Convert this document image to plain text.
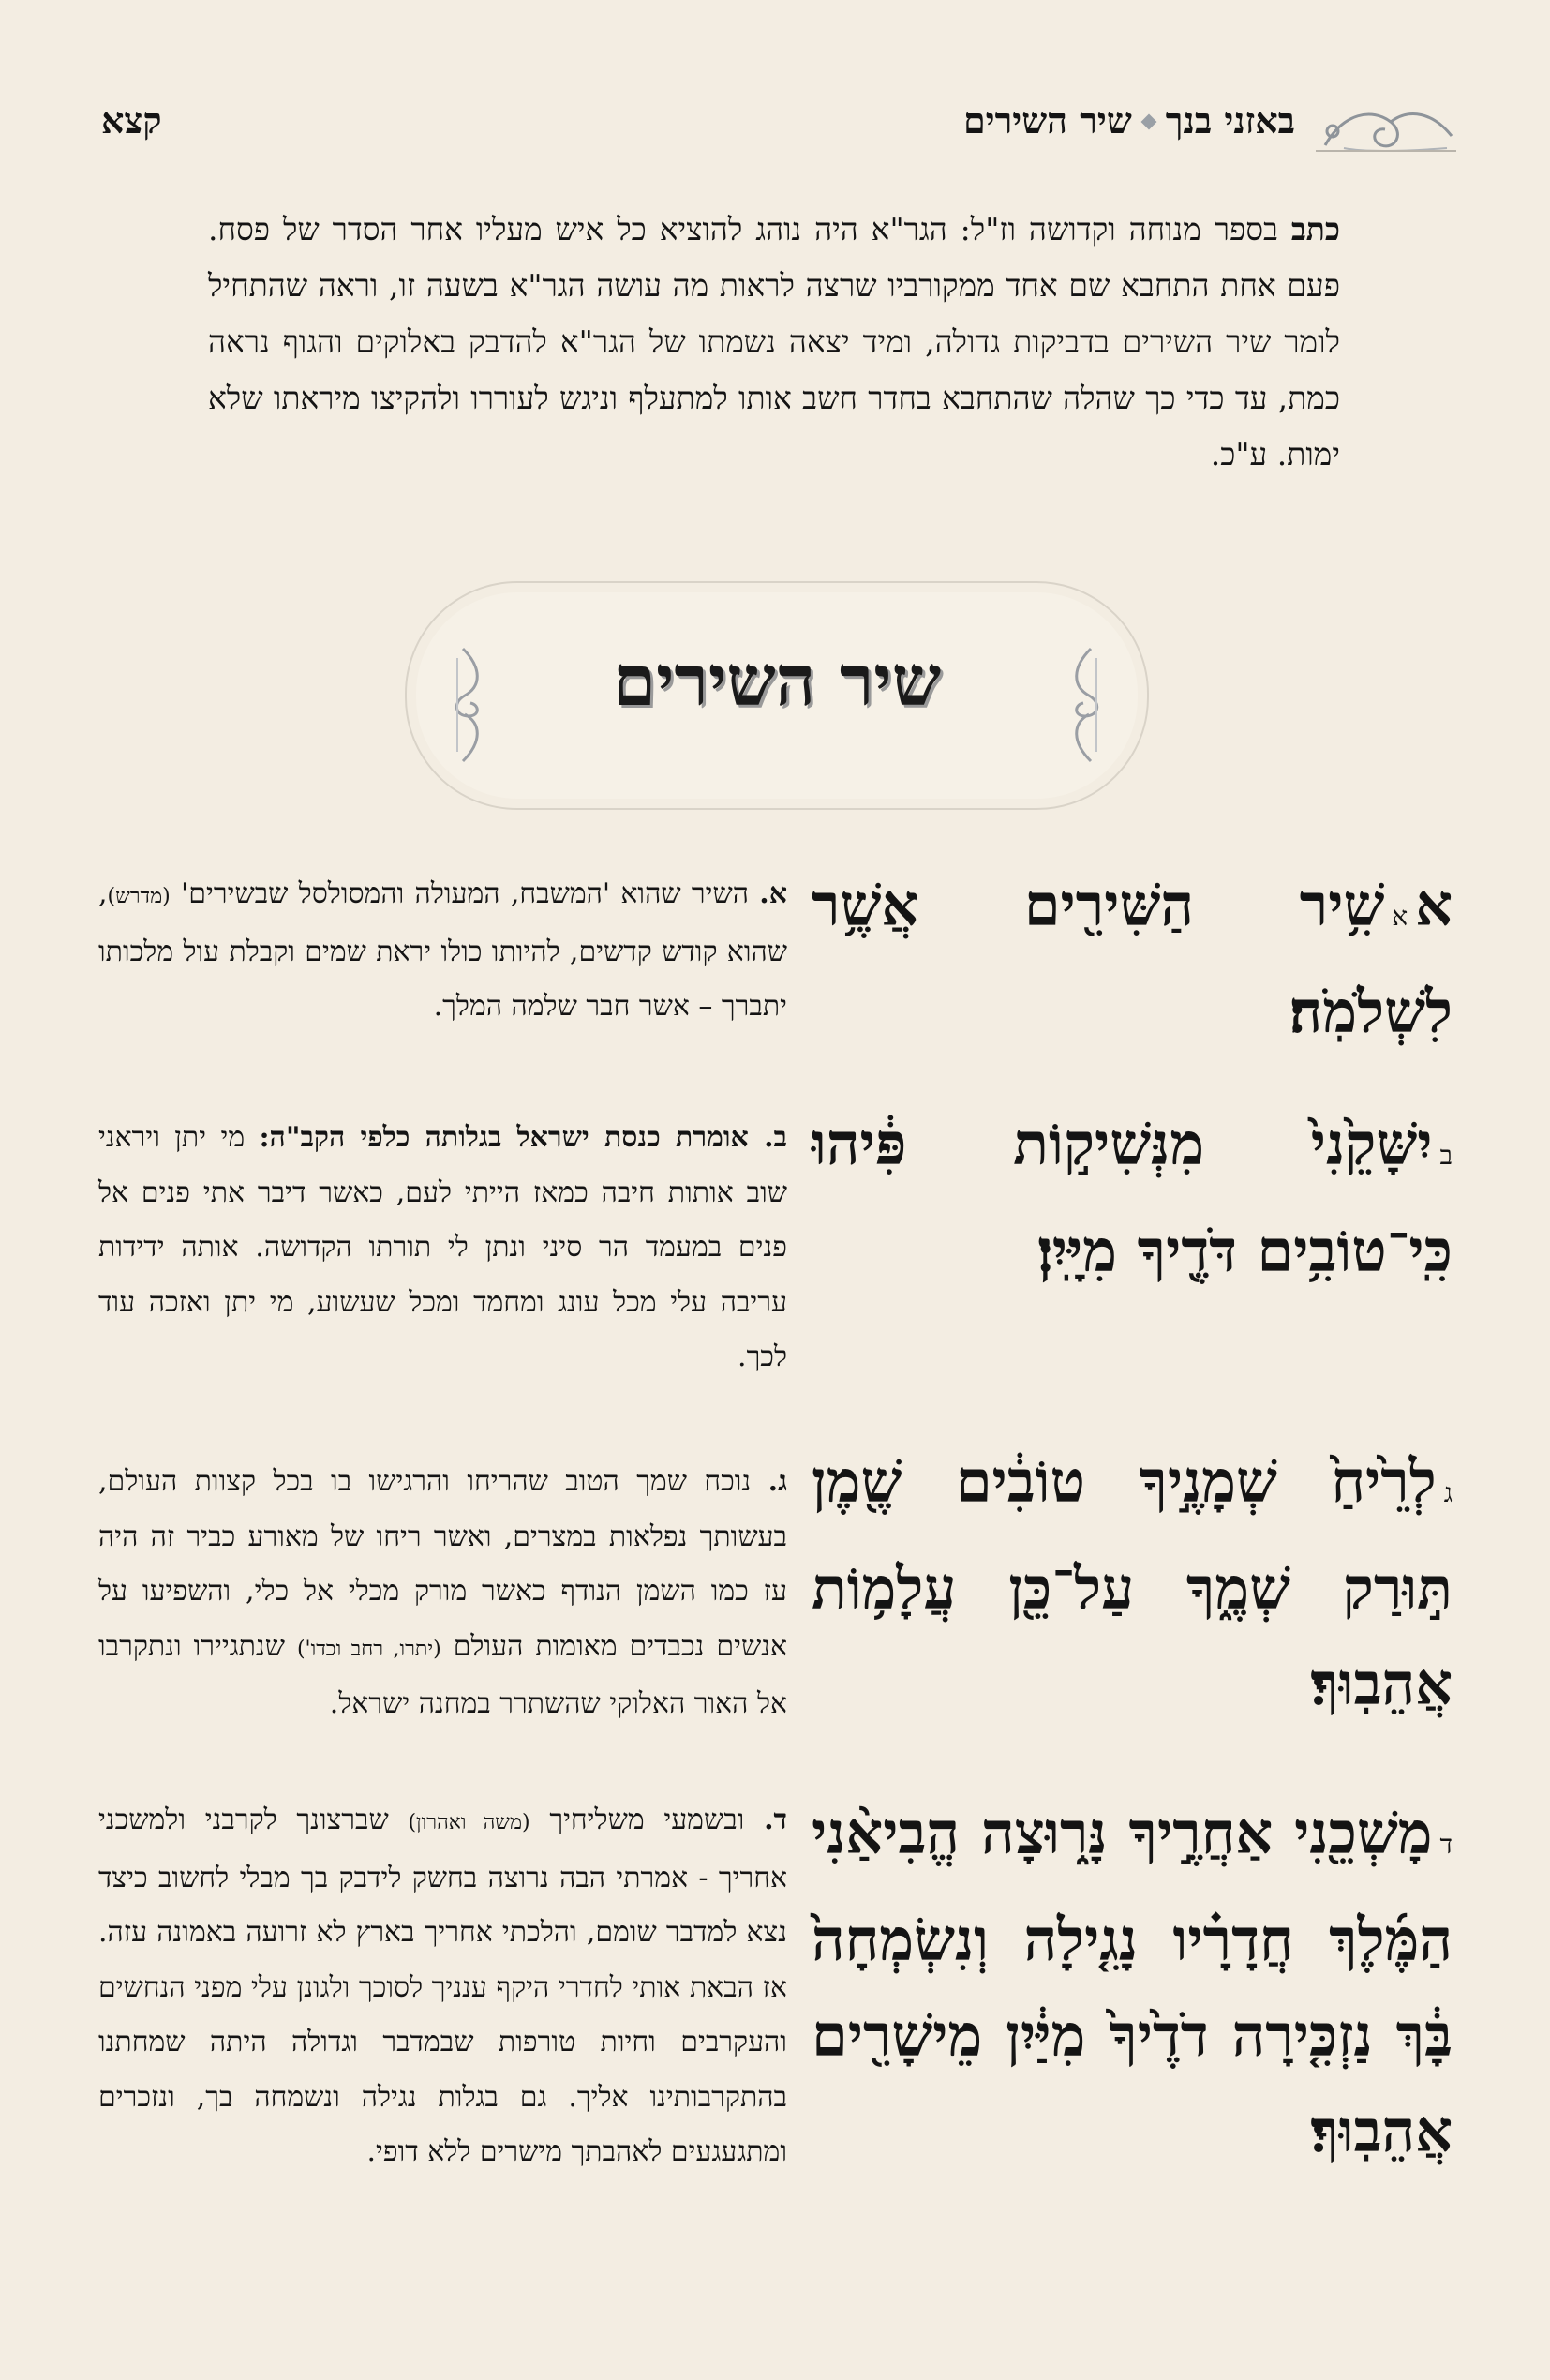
קצא	באזני בנךשיר השירים
כתב בספר מנוחה וקדושה וז"ל: הגר"א היה נוהג להוציא כל איש מעליו אחר הסדר של פסח. פעם אחת התחבא שם אחד ממקורביו שרצה לראות מה עושה הגר"א בשעה זו, וראה שהתחיל לומר שיר השירים בדביקות גדולה, ומיד יצאה נשמתו של הגר"א להדבק באלוקים והגוף נראה כמת, עד כדי כך שהלה שהתחבא בחדר חשב אותו למתעלף וניגש לעוררו ולהקיצו מיראתו שלא ימות. ע"כ.
שיר השירים
אאשִׁ֥יר הַשִּׁירִ֖ים אֲשֶׁ֥ר לִשְׁלֹמֹֽה׃
ביִשָּׁקֵ֙נִי֙ מִנְּשִׁיק֣וֹת פִּ֔יהוּ כִּֽי־טוֹבִ֥ים דֹּדֶ֖יךָ מִיָּֽיִן׃
גלְרֵ֙יחַ֙ שְׁמָנֶ֣יךָ טוֹבִ֔ים שֶׁ֖מֶן תּ֣וּרַק שְׁמֶ֑ךָ עַל־כֵּ֖ן עֲלָמ֥וֹת אֲהֵבֽוּךָ׃
דמָשְׁכֵ֖נִי אַחֲרֶ֣יךָ נָּר֑וּצָה הֱבִיאַ֨נִי הַמֶּ֜לֶךְ חֲדָרָ֗יו נָגִ֤ילָה וְנִשְׂמְחָה֙ בָּ֔ךְ נַזְכִּ֤ירָה דֹדֶ֙יךָ֙ מִיַּ֔יִן מֵישָׁרִ֖ים אֲהֵבֽוּךָ׃
א. השיר שהוא 'המשבח, המעולה והמסולסל שבשירים' (מדרש), שהוא קודש קדשים, להיותו כולו יראת שמים וקבלת עול מלכותו יתברך – אשר חבר שלמה המלך.
ב. אומרת כנסת ישראל בגלותה כלפי הקב"ה: מי יתן ויראני שוב אותות חיבה כמאז הייתי לעם, כאשר דיבר אתי פנים אל פנים במעמד הר סיני ונתן לי תורתו הקדושה. אותה ידידות עריבה עלי מכל עונג ומחמד ומכל שעשוע, מי יתן ואזכה עוד לכך.
ג. נוכח שמך הטוב שהריחו והרגישו בו בכל קצוות העולם, בעשותך נפלאות במצרים, ואשר ריחו של מאורע כביר זה היה עז כמו השמן הנודף כאשר מורק מכלי אל כלי, והשפיעו על אנשים נכבדים מאומות העולם (יתרו, רחב וכדו') שנתגיירו ונתקרבו אל האור האלוקי שהשתרר במחנה ישראל.
ד. ובשמעי משליחיך (משה ואהרון) שברצונך לקרבני ולמשכני אחריך - אמרתי הבה נרוצה בחשק לידבק בך מבלי לחשוב כיצד נצא למדבר שומם, והלכתי אחריך בארץ לא זרועה באמונה עזה. אז הבאת אותי לחדרי היקף ענניך לסוכך ולגונן עלי מפני הנחשים והעקרבים וחיות טורפות שבמדבר וגדולה היתה שמחתנו בהתקרבותינו אליך. גם בגלות נגילה ונשמחה בך, ונזכרים ומתגעגעים לאהבתך מישרים ללא דופי.
